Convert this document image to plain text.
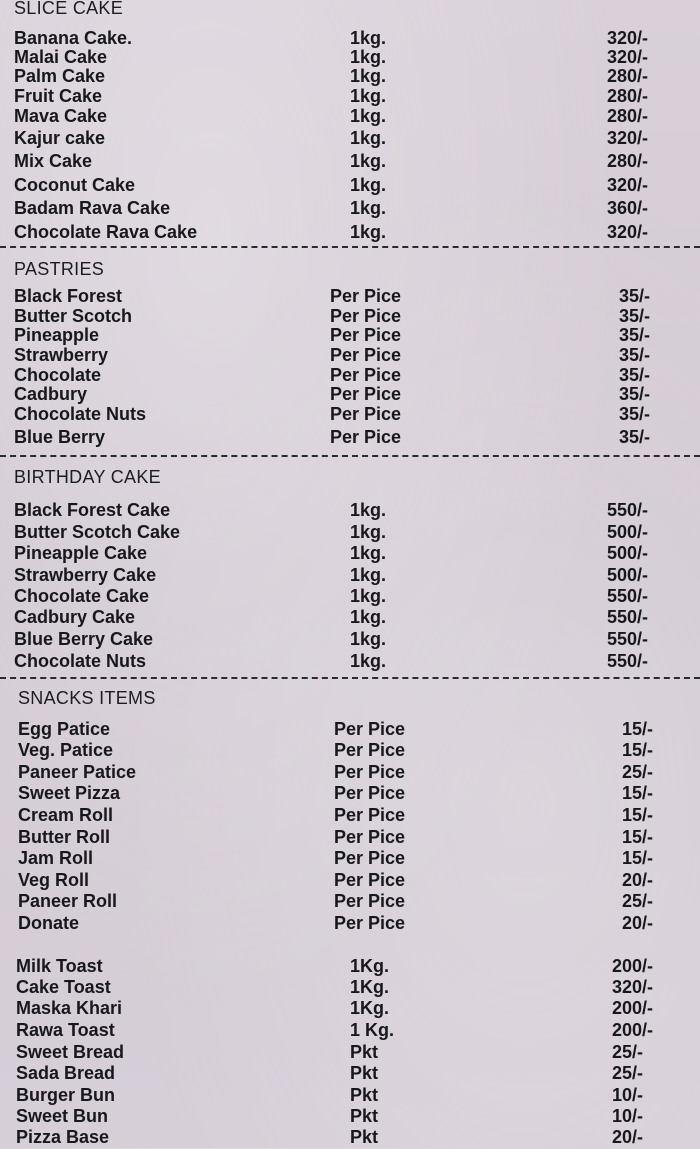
SLICE CAKE
Banana Cake.	1kg.	320/-
Malai Cake	1kg.	320/-
Palm Cake	1kg.	280/-
Fruit Cake	1kg.	280/-
Mava Cake	1kg.	280/-
Kajur cake	1kg.	320/-
Mix Cake	1kg.	280/-
Coconut Cake	1kg.	320/-
Badam Rava Cake	1kg.	360/-
Chocolate Rava Cake	1kg.	320/-
PASTRIES
Black Forest	Per Pice	35/-
Butter Scotch	Per Pice	35/-
Pineapple	Per Pice	35/-
Strawberry	Per Pice	35/-
Chocolate	Per Pice	35/-
Cadbury	Per Pice	35/-
Chocolate Nuts	Per Pice	35/-
Blue Berry	Per Pice	35/-
BIRTHDAY CAKE
Black Forest Cake	1kg.	550/-
Butter Scotch Cake	1kg.	500/-
Pineapple Cake	1kg.	500/-
Strawberry Cake	1kg.	500/-
Chocolate Cake	1kg.	550/-
Cadbury Cake	1kg.	550/-
Blue Berry Cake	1kg.	550/-
Chocolate Nuts	1kg.	550/-
SNACKS ITEMS
Egg Patice	Per Pice	15/-
Veg. Patice	Per Pice	15/-
Paneer Patice	Per Pice	25/-
Sweet Pizza	Per Pice	15/-
Cream Roll	Per Pice	15/-
Butter Roll	Per Pice	15/-
Jam Roll	Per Pice	15/-
Veg Roll	Per Pice	20/-
Paneer Roll	Per Pice	25/-
Donate	Per Pice	20/-
Milk Toast	1Kg.	200/-
Cake Toast	1Kg.	320/-
Maska Khari	1Kg.	200/-
Rawa Toast	1 Kg.	200/-
Sweet Bread	Pkt	25/-
Sada Bread	Pkt	25/-
Burger Bun	Pkt	10/-
Sweet Bun	Pkt	10/-
Pizza Base	Pkt	20/-
